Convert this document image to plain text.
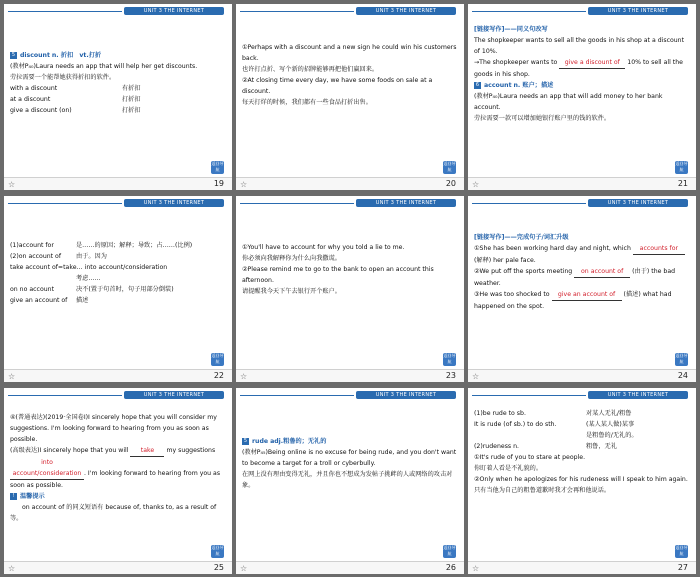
UNIT 3 THE INTERNET

5 discount n. 折扣　vt.打折

(教材P₄₀)Laura needs an app that will help her get discounts.

劳拉需要一个能帮她获得折扣的软件。

with a discount	有折扣
at a discount	打折扣
give a discount (on)	打折扣
返回导航
☆	19
UNIT 3 THE INTERNET

①Perhaps with a discount and a new sign he could win his customers back.

也许打点折、写个新的招牌能够再把他们赢回来。

②At closing time every day, we have some foods on sale at a discount.

每天打烊的时候，我们都有一些食品打折出售。

返回导航
☆	20
UNIT 3 THE INTERNET

[链接写作]——同义句改写

The shopkeeper wants to sell all the goods in his shop at a discount of 10%.

→The shopkeeper wants to give a discount of 10% to sell all the goods in his shop.

6 account n. 账户；描述

(教材P₄₀)Laura needs an app that will add money to her bank account.

劳拉需要一款可以增加她银行账户里的钱的软件。

返回导航
☆	21
UNIT 3 THE INTERNET
(1)account for	是……的原因；解释；导致；占……(比例)
(2)on account of	由于。因为
take account of=take… into account/consideration
考虑……
on no account	决不(置于句首时，句子用部分倒装)
give an account of	描述
返回导航
☆	22
UNIT 3 THE INTERNET

①You'll have to account for why you told a lie to me.

你必须向我解释你为什么向我撒谎。

②Please remind me to go to the bank to open an account this afternoon.

请提醒我今天下午去银行开个账户。

返回导航
☆	23
UNIT 3 THE INTERNET

[链接写作]——完成句子/词汇升级

①She has been working hard day and night, which accounts for (解释) her pale face.

②We put off the sports meeting on account of (由于) the bad weather.

③He was too shocked to give an account of (描述) what had happened on the spot.

返回导航
☆	24
UNIT 3 THE INTERNET

④(普通表达)(2019·全国卷Ⅰ)I sincerely hope that you will consider my suggestions. I'm looking forward to hearing from you as soon as possible.

(高级表达)I sincerely hope that you will take my suggestions into account/consideration . I'm looking forward to hearing from you as soon as possible.

! 温馨提示

on account of 的同义短语有 because of, thanks to, as a result of 等。

返回导航
☆	25
UNIT 3 THE INTERNET

5 rude adj.粗鲁的；无礼的

(教材P₄₅)Being online is no excuse for being rude, and you don't want to become a target for a troll or cyberbully.

在网上没有理由变得无礼，并且你也不想成为发帖子挑衅的人或网络的攻击对象。

返回导航
☆	26
UNIT 3 THE INTERNET
(1)be rude to sb.	对某人无礼/粗鲁
It is rude (of sb.) to do sth.	(某人某人做)某事
是粗鲁的/无礼的。
(2)rudeness n.	粗鲁，无礼

①It's rude of you to stare at people.

你盯着人看是不礼貌的。

②Only when he apologizes for his rudeness will I speak to him again.

只有当他为自己的粗鲁道歉时我才会再和他说话。

返回导航
☆	27
